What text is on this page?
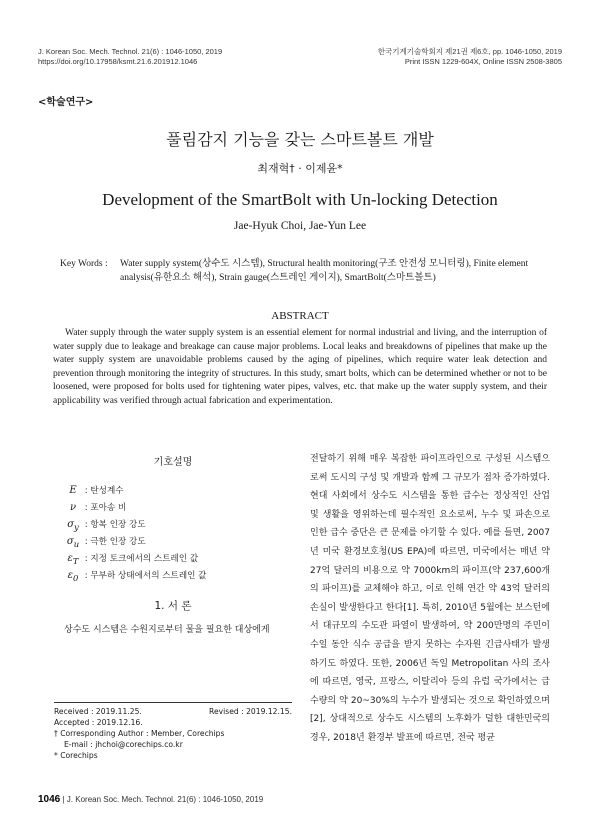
J. Korean Soc. Mech. Technol. 21(6) : 1046-1050, 2019
https://doi.org/10.17958/ksmt.21.6.201912.1046
한국기계기술학회지 제21권 제6호, pp. 1046-1050, 2019
Print ISSN 1229-604X, Online ISSN 2508-3805
<학술연구>
풀림감지 기능을 갖는 스마트볼트 개발
최재혁† · 이제윤*
Development of the SmartBolt with Un-locking Detection
Jae-Hyuk Choi, Jae-Yun Lee
Key Words :	Water supply system(상수도 시스템), Structural health monitoring(구조 안전성 모니터링), Finite element analysis(유한요소 해석), Strain gauge(스트레인 게이지), SmartBolt(스마트볼트)
ABSTRACT
Water supply through the water supply system is an essential element for normal industrial and living, and the interruption of water supply due to leakage and breakage can cause major problems. Local leaks and breakdowns of pipelines that make up the water supply system are unavoidable problems caused by the aging of pipelines, which require water leak detection and prevention through monitoring the integrity of structures. In this study, smart bolts, which can be determined whether or not to be loosened, were proposed for bolts used for tightening water pipes, valves, etc. that make up the water supply system, and their applicability was verified through actual fabrication and experimentation.
기호설명
E : 탄성계수
ν : 포아송 비
$\sigma_y$ : 항복 인장 강도
$\sigma_u$ : 극한 인장 강도
$\varepsilon_T$ : 지정 토크에서의 스트레인 값
$\varepsilon_0$ : 무부하 상태에서의 스트레인 값
1. 서 론
상수도 시스템은 수원지로부터 물을 필요한 대상에게
Received : 2019.11.25.	Revised : 2019.12.15.
Accepted : 2019.12.16.
† Corresponding Author : Member, Corechips
E-mail : jhchoi@corechips.co.kr
* Corechips
전달하기 위해 매우 복잡한 파이프라인으로 구성된 시스템으로써 도시의 구성 및 개발과 함께 그 규모가 점차 증가하였다. 현대 사회에서 상수도 시스템을 통한 급수는 정상적인 산업 및 생활을 영위하는데 필수적인 요소로써, 누수 및 파손으로 인한 급수 중단은 큰 문제를 야기할 수 있다. 예를 들면, 2007년 미국 환경보호청(US EPA)에 따르면, 미국에서는 매년 약 27억 달러의 비용으로 약 7000km의 파이프(약 237,600개의 파이프)를 교체해야 하고, 이로 인해 연간 약 43억 달러의 손실이 발생한다고 한다[1]. 특히, 2010년 5월에는 보스턴에서 대규모의 수도관 파열이 발생하여, 약 200만명의 주민이 수일 동안 식수 공급을 받지 못하는 수자원 긴급사태가 발생하기도 하였다. 또한, 2006년 독일 Metropolitan 사의 조사에 따르면, 영국, 프랑스, 이탈리아 등의 유럽 국가에서는 급수량의 약 20~30%의 누수가 발생되는 것으로 확인하였으며[2], 상대적으로 상수도 시스템의 노후화가 덜한 대한민국의 경우, 2018년 환경부 발표에 따르면, 전국 평균
1046 | J. Korean Soc. Mech. Technol. 21(6) : 1046-1050, 2019
